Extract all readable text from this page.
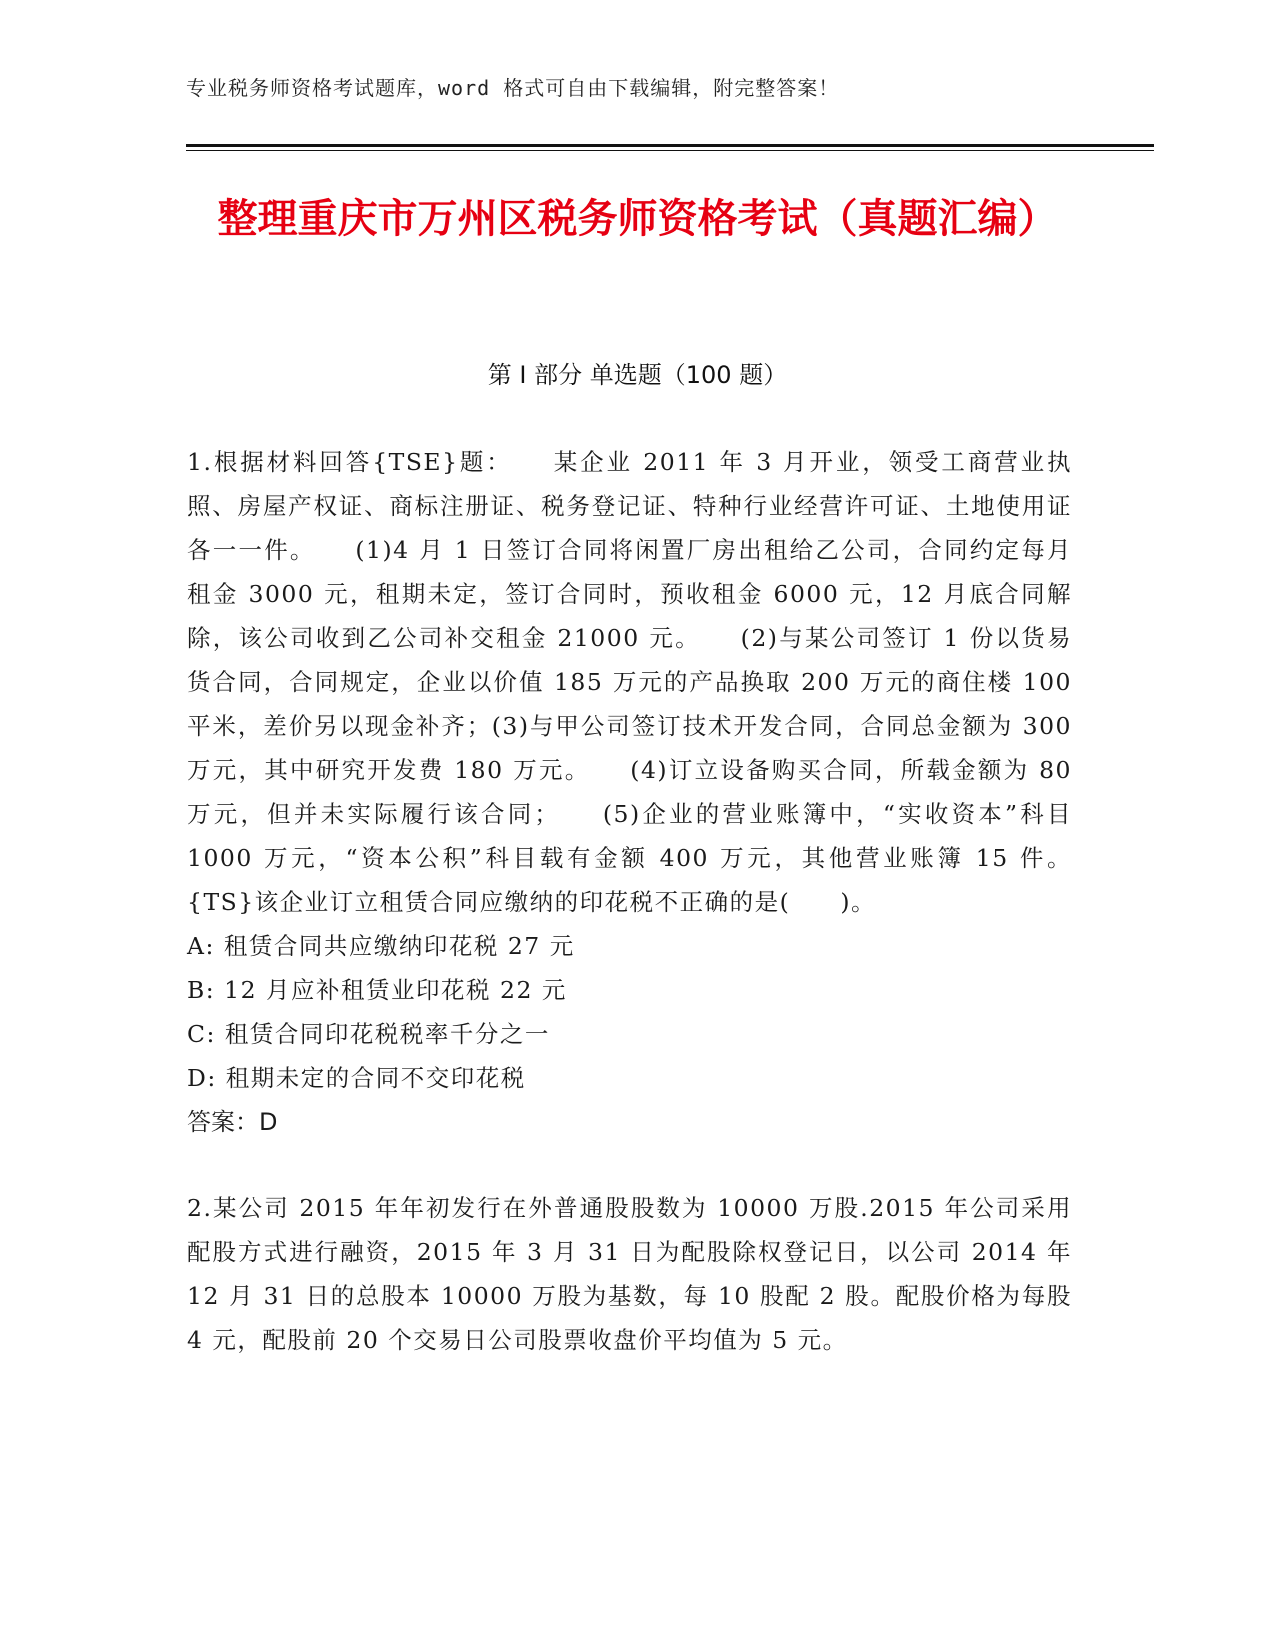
专业税务师资格考试题库，word 格式可自由下载编辑，附完整答案！
整理重庆市万州区税务师资格考试（真题汇编）
第 I 部分 单选题（100 题）

1.根据材料回答{TSE}题：　　某企业 2011 年 3 月开业，领受工商营业执照、房屋产权证、商标注册证、税务登记证、特种行业经营许可证、土地使用证各一一件。　　(1)4 月 1 日签订合同将闲置厂房出租给乙公司，合同约定每月租金 3000 元，租期未定，签订合同时，预收租金 6000 元，12 月底合同解除，该公司收到乙公司补交租金 21000 元。　　(2)与某公司签订 1 份以货易货合同，合同规定，企业以价值 185 万元的产品换取 200 万元的商住楼 100 平米，差价另以现金补齐；(3)与甲公司签订技术开发合同，合同总金额为 300 万元，其中研究开发费 180 万元。　　(4)订立设备购买合同，所载金额为 80 万元，但并未实际履行该合同；　　(5)企业的营业账簿中，“实收资本”科目 1000 万元，“资本公积”科目载有金额 400 万元，其他营业账簿 15 件。{TS}该企业订立租赁合同应缴纳的印花税不正确的是(　　)。

A: 租赁合同共应缴纳印花税 27 元

B: 12 月应补租赁业印花税 22 元

C: 租赁合同印花税税率千分之一

D: 租期未定的合同不交印花税

答案：D

2.某公司 2015 年年初发行在外普通股股数为 10000 万股.2015 年公司采用配股方式进行融资，2015 年 3 月 31 日为配股除权登记日，以公司 2014 年 12 月 31 日的总股本 10000 万股为基数，每 10 股配 2 股。配股价格为每股 4 元，配股前 20 个交易日公司股票收盘价平均值为 5 元。
